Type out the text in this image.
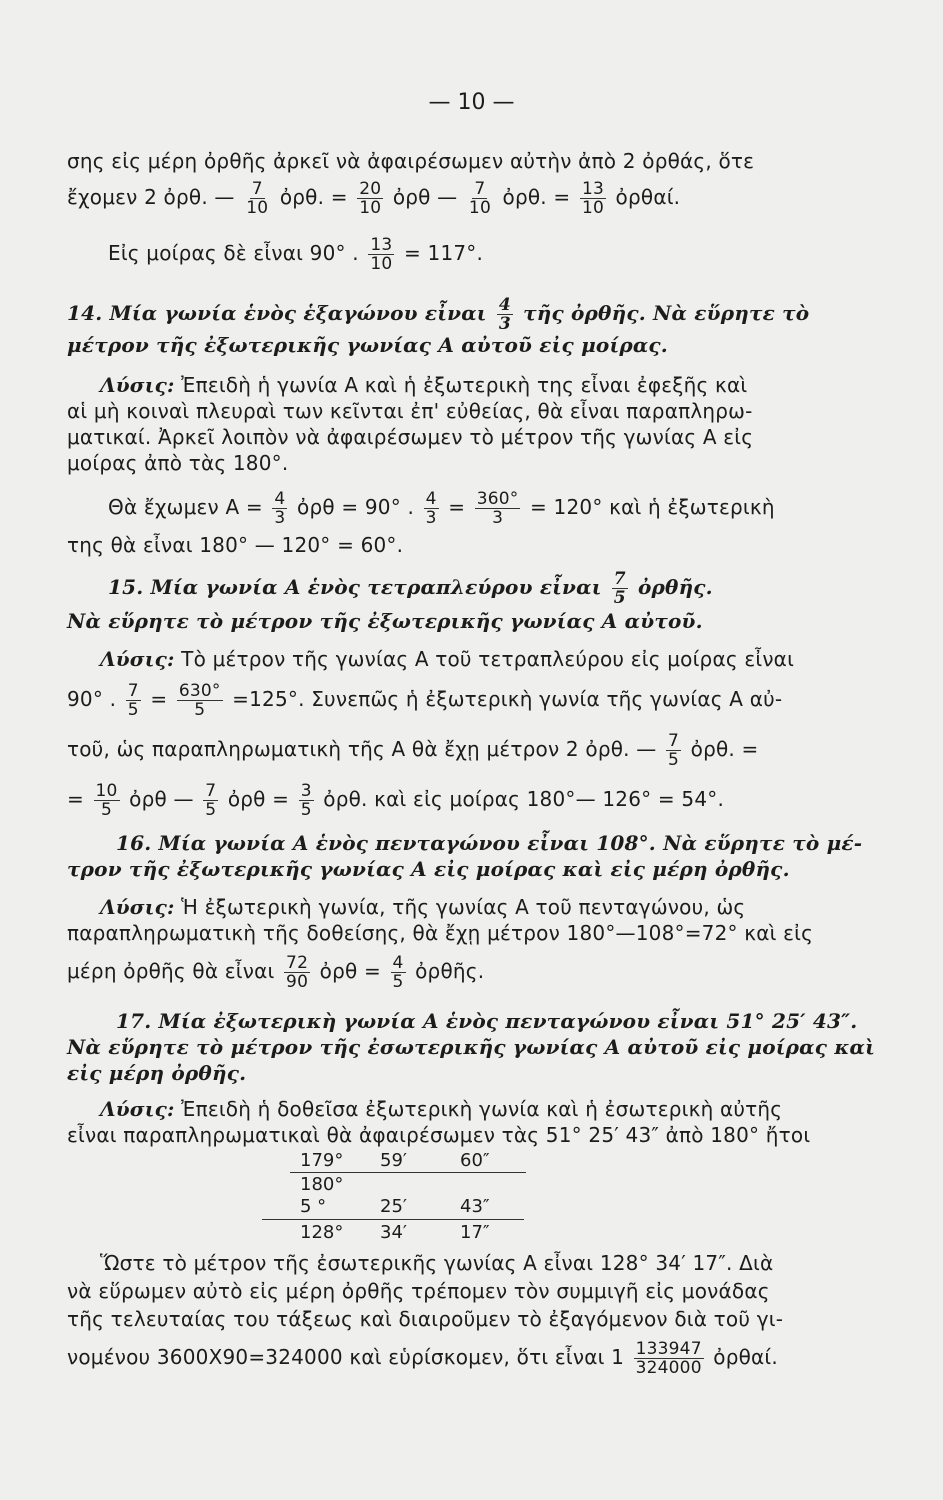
— 10 —
σης εἰς μέρη ὀρθῆς ἀρκεῖ νὰ ἀφαιρέσωμεν αὐτὴν ἀπὸ 2 ὀρθάς, ὅτε
ἔχομεν 2 ὀρθ. — $\frac{7}{10}$ ὀρθ. = $\frac{20}{10}$ ὀρθ — $\frac{7}{10}$ ὀρθ. = $\frac{13}{10}$ ὀρθαί.
Εἰς μοίρας δὲ εἶναι 90° . $\frac{13}{10} = 117^\circ$.
14. Μία γωνία ἑνὸς ἑξαγώνου εἶναι $\frac{4}{3}$ τῆς ὀρθῆς. Νὰ εὕρητε τὸ
μέτρον τῆς ἐξωτερικῆς γωνίας Α αὐτοῦ εἰς μοίρας.
Λύσις: Ἐπειδὴ ἡ γωνία Α καὶ ἡ ἐξωτερικὴ της εἶναι ἐφεξῆς καὶ
αἱ μὴ κοιναὶ πλευραὶ των κεῖνται ἐπ' εὐθείας, θὰ εἶναι παραπληρω-
ματικαί. Ἀρκεῖ λοιπὸν νὰ ἀφαιρέσωμεν τὸ μέτρον τῆς γωνίας Α εἰς
μοίρας ἀπὸ τὰς 180°.
Θὰ ἔχωμεν $A = \frac{4}{3}$ ὀρθ = 90° . $\frac{4}{3} = \frac{360^\circ}{3} = 120^\circ$ καὶ ἡ ἐξωτερικὴ
της θὰ εἶναι 180° — 120° = 60°.
15. Μία γωνία Α ἑνὸς τετραπλεύρου εἶναι $\frac{7}{5}$ ὀρθῆς.
Νὰ εὕρητε τὸ μέτρον τῆς ἐξωτερικῆς γωνίας Α αὐτοῦ.
Λύσις: Τὸ μέτρον τῆς γωνίας Α τοῦ τετραπλεύρου εἰς μοίρας εἶναι
90° . $\frac{7}{5} = \frac{630^\circ}{5} =125^\circ$. Συνεπῶς ἡ ἐξωτερικὴ γωνία τῆς γωνίας Α αὐ-
τοῦ, ὡς παραπληρωματικὴ τῆς Α θὰ ἔχῃ μέτρον 2 ὀρθ. — $\frac{7}{5}$ ὀρθ. =
= $\frac{10}{5}$ ὀρθ — $\frac{7}{5}$ ὀρθ = $\frac{3}{5}$ ὀρθ. καὶ εἰς μοίρας 180°— 126° = 54°.
16. Μία γωνία Α ἑνὸς πενταγώνου εἶναι 108°. Νὰ εὕρητε τὸ μέ-
τρον τῆς ἐξωτερικῆς γωνίας Α εἰς μοίρας καὶ εἰς μέρη ὀρθῆς.
Λύσις: Ἡ ἐξωτερικὴ γωνία, τῆς γωνίας Α τοῦ πενταγώνου, ὡς
παραπληρωματικὴ τῆς δοθείσης, θὰ ἔχῃ μέτρον 180°—108°=72° καὶ εἰς
μέρη ὀρθῆς θὰ εἶναι $\frac{72}{90}$ ὀρθ = $\frac{4}{5}$ ὀρθῆς.
17. Μία ἐξωτερικὴ γωνία Α ἑνὸς πενταγώνου εἶναι 51° 25′ 43″.
Νὰ εὕρητε τὸ μέτρον τῆς ἐσωτερικῆς γωνίας Α αὐτοῦ εἰς μοίρας καὶ
εἰς μέρη ὀρθῆς.
Λύσις: Ἐπειδὴ ἡ δοθεῖσα ἐξωτερικὴ γωνία καὶ ἡ ἐσωτερικὴ αὐτῆς
εἶναι παραπληρωματικαὶ θὰ ἀφαιρέσωμεν τὰς 51° 25′ 43″ ἀπὸ 180° ἤτοι
179° 59′	60″
180°
5 °	25′	43″
128° 34′	17″
Ὥστε τὸ μέτρον τῆς ἐσωτερικῆς γωνίας Α εἶναι 128° 34′ 17″. Διὰ
νὰ εὕρωμεν αὐτὸ εἰς μέρη ὀρθῆς τρέπομεν τὸν συμμιγῆ εἰς μονάδας
τῆς τελευταίας του τάξεως καὶ διαιροῦμεν τὸ ἐξαγόμενον διὰ τοῦ γι-
νομένου 3600Χ90=324000 καὶ εὑρίσκομεν, ὅτι εἶναι $1 \frac{133947}{324000}$ ὀρθαί.
